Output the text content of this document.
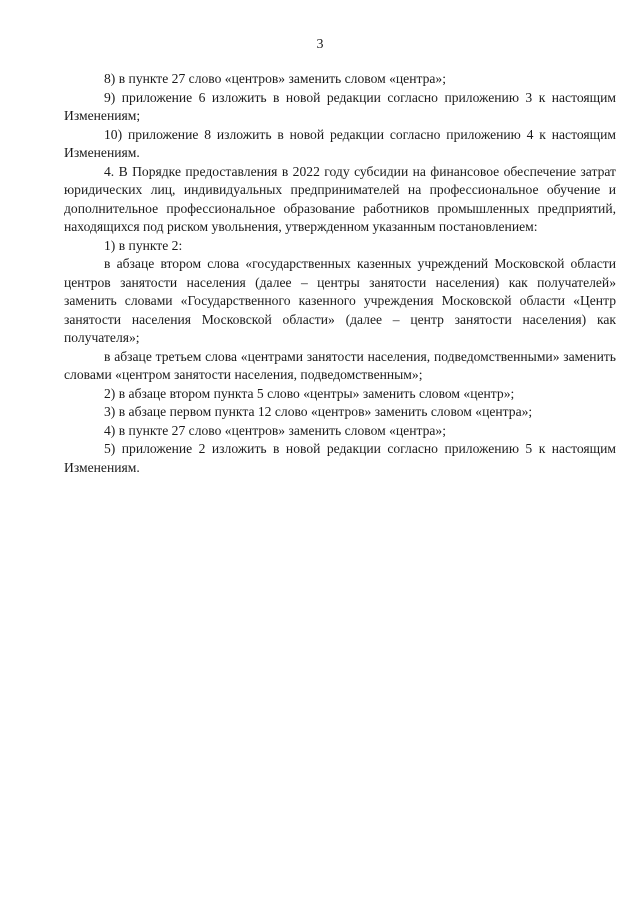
3

8) в пункте 27 слово «центров» заменить словом «центра»;

9) приложение 6 изложить в новой редакции согласно приложению 3 к настоящим Изменениям;

10) приложение 8 изложить в новой редакции согласно приложению 4 к настоящим Изменениям.

4. В Порядке предоставления в 2022 году субсидии на финансовое обеспечение затрат юридических лиц, индивидуальных предпринимателей на профессиональное обучение и дополнительное профессиональное образование работников промышленных предприятий, находящихся под риском увольнения, утвержденном указанным постановлением:

1) в пункте 2:

в абзаце втором слова «государственных казенных учреждений Московской области центров занятости населения (далее – центры занятости населения) как получателей» заменить словами «Государственного казенного учреждения Московской области «Центр занятости населения Московской области» (далее – центр занятости населения) как получателя»;

в абзаце третьем слова «центрами занятости населения, подведомственными» заменить словами «центром занятости населения, подведомственным»;

2) в абзаце втором пункта 5 слово «центры» заменить словом «центр»;

3) в абзаце первом пункта 12 слово «центров» заменить словом «центра»;

4) в пункте 27 слово «центров» заменить словом «центра»;

5) приложение 2 изложить в новой редакции согласно приложению 5 к настоящим Изменениям.
